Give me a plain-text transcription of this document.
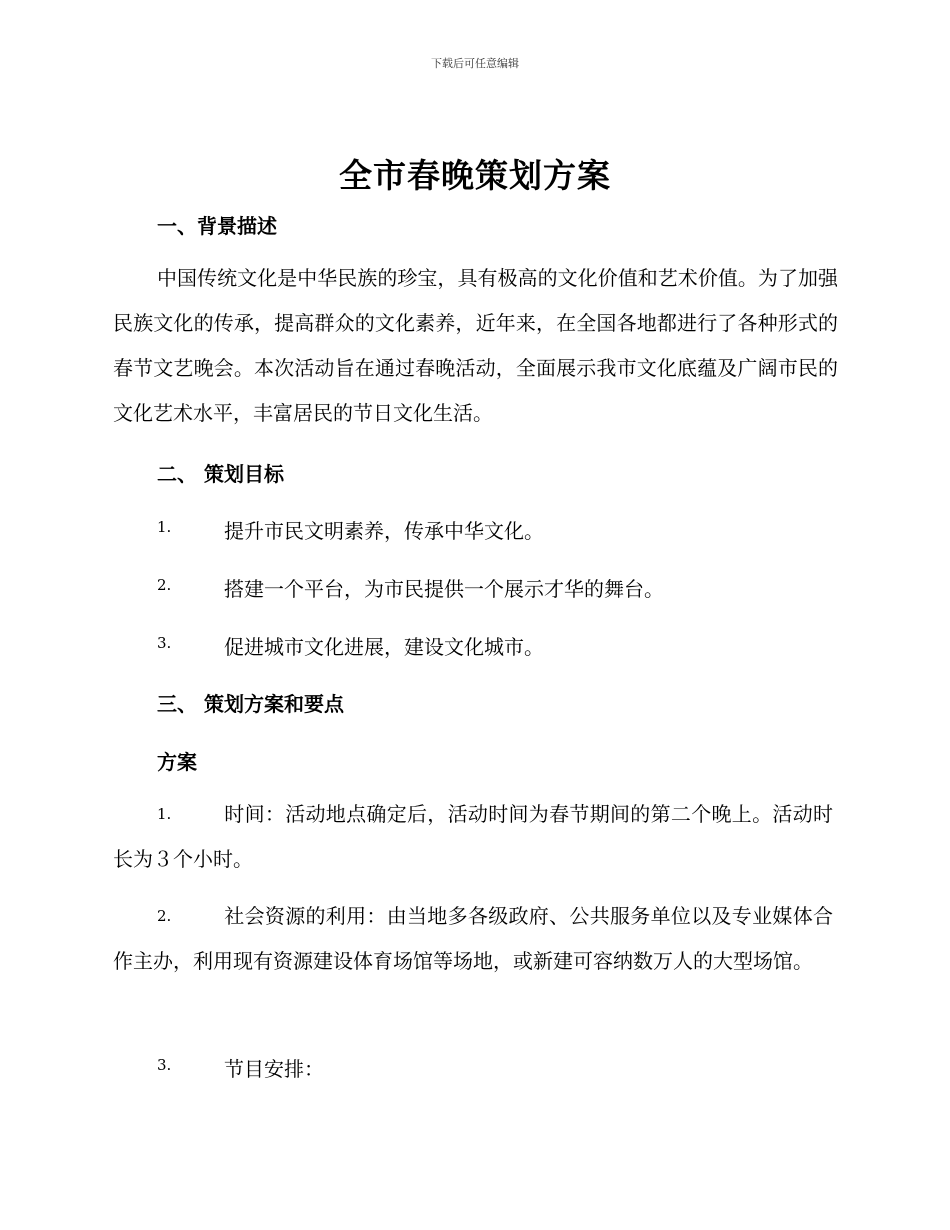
下载后可任意编辑
全市春晚策划方案
一、背景描述
中国传统文化是中华民族的珍宝，具有极高的文化价值和艺术价值。为了加强民族文化的传承，提高群众的文化素养，近年来，在全国各地都进行了各种形式的春节文艺晚会。本次活动旨在通过春晚活动，全面展示我市文化底蕴及广阔市民的文化艺术水平，丰富居民的节日文化生活。
二、 策划目标
1.	提升市民文明素养，传承中华文化。
2.	搭建一个平台，为市民提供一个展示才华的舞台。
3.	促进城市文化进展，建设文化城市。
三、 策划方案和要点
方案
1.	时间：活动地点确定后，活动时间为春节期间的第二个晚上。活动时长为３个小时。
2.	社会资源的利用：由当地多各级政府、公共服务单位以及专业媒体合作主办，利用现有资源建设体育场馆等场地，或新建可容纳数万人的大型场馆。
3.	节目安排：
